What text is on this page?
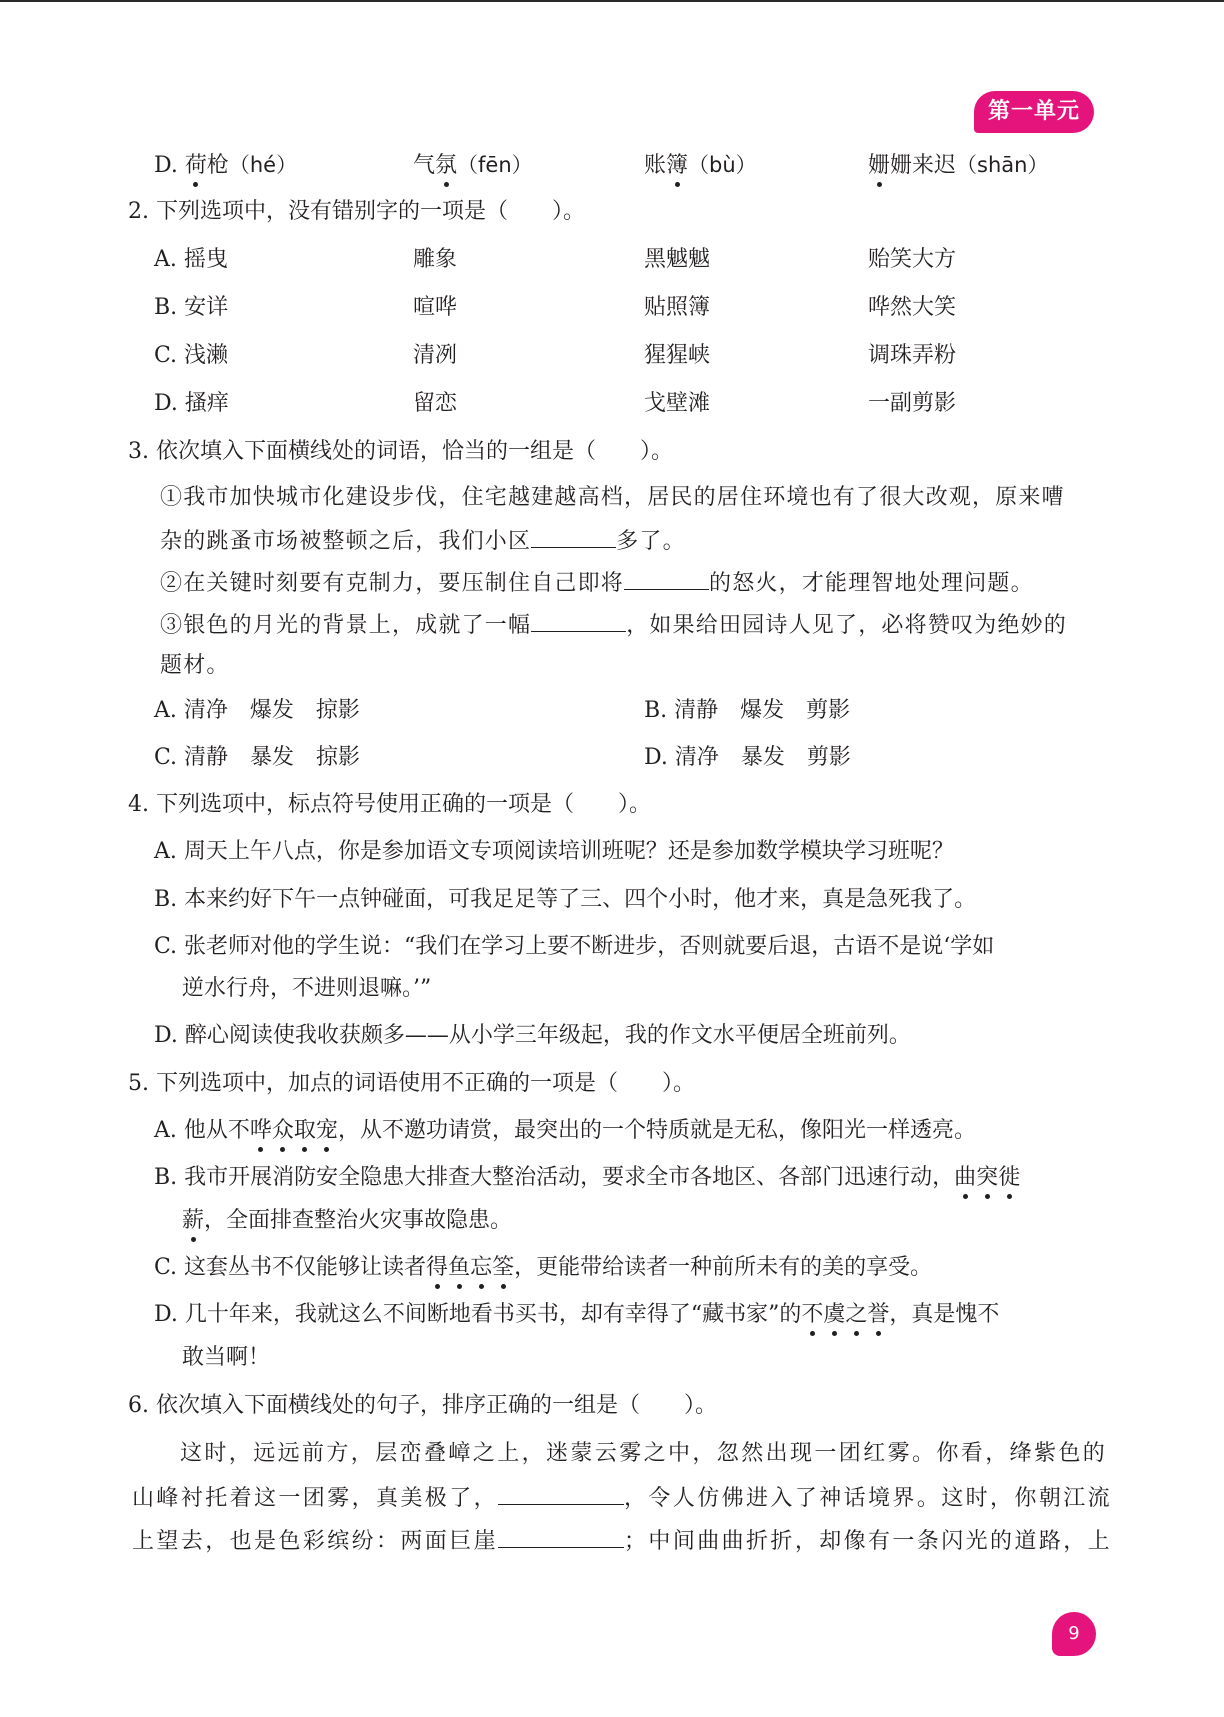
第一单元
D. 荷枪（hé）	气氛（fēn）	账簿（bù）	姗姗来迟（shān）
2. 下列选项中，没有错别字的一项是（　　）。
A. 摇曳	雕象	黑魆魆	贻笑大方
B. 安详	喧哗	贴照簿	哗然大笑
C. 浅濑	清冽	猩猩峡	调珠弄粉
D. 搔痒	留恋	戈壁滩	一副剪影
3. 依次填入下面横线处的词语，恰当的一组是（　　）。
①我市加快城市化建设步伐，住宅越建越高档，居民的居住环境也有了很大改观，原来嘈
杂的跳蚤市场被整顿之后，我们小区	多了。
②在关键时刻要有克制力，要压制住自己即将	的怒火，才能理智地处理问题。
③银色的月光的背景上，成就了一幅	，如果给田园诗人见了，必将赞叹为绝妙的
题材。
A. 清净　爆发　掠影	B. 清静　爆发　剪影
C. 清静　暴发　掠影	D. 清净　暴发　剪影
4. 下列选项中，标点符号使用正确的一项是（　　）。
A. 周天上午八点，你是参加语文专项阅读培训班呢？还是参加数学模块学习班呢？
B. 本来约好下午一点钟碰面，可我足足等了三、四个小时，他才来，真是急死我了。
C. 张老师对他的学生说：“我们在学习上要不断进步，否则就要后退，古语不是说‘学如
逆水行舟，不进则退嘛。’”
D. 醉心阅读使我收获颇多——从小学三年级起，我的作文水平便居全班前列。
5. 下列选项中，加点的词语使用不正确的一项是（　　）。
A. 他从不哗众取宠，从不邀功请赏，最突出的一个特质就是无私，像阳光一样透亮。
B. 我市开展消防安全隐患大排查大整治活动，要求全市各地区、各部门迅速行动，曲突徙
薪，全面排查整治火灾事故隐患。
C. 这套丛书不仅能够让读者得鱼忘筌，更能带给读者一种前所未有的美的享受。
D. 几十年来，我就这么不间断地看书买书，却有幸得了“藏书家”的不虞之誉，真是愧不
敢当啊！
6. 依次填入下面横线处的句子，排序正确的一组是（　　）。
这时，远远前方，层峦叠嶂之上，迷蒙云雾之中，忽然出现一团红雾。你看，绛紫色的
山峰衬托着这一团雾，真美极了，	，令人仿佛进入了神话境界。这时，你朝江流
上望去，也是色彩缤纷：两面巨崖	；中间曲曲折折，却像有一条闪光的道路，上
9
